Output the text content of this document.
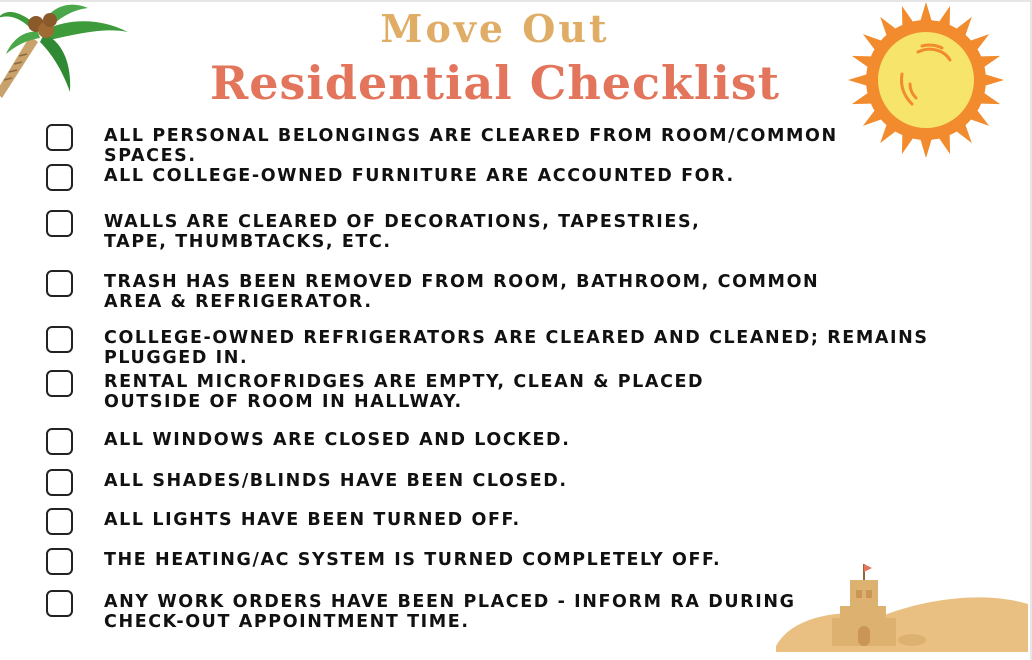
Move Out
Residential Checklist
ALL PERSONAL BELONGINGS ARE CLEARED FROM ROOM/COMMON SPACES.
ALL COLLEGE-OWNED FURNITURE ARE ACCOUNTED FOR.
WALLS ARE CLEARED OF DECORATIONS, TAPESTRIES, TAPE, THUMBTACKS, ETC.
TRASH HAS BEEN REMOVED FROM ROOM, BATHROOM, COMMON AREA & REFRIGERATOR.
COLLEGE-OWNED REFRIGERATORS ARE CLEARED AND CLEANED; REMAINS PLUGGED IN.
RENTAL MICROFRIDGES ARE EMPTY, CLEAN & PLACED OUTSIDE OF ROOM IN HALLWAY.
ALL WINDOWS ARE CLOSED AND LOCKED.
ALL SHADES/BLINDS HAVE BEEN CLOSED.
ALL LIGHTS HAVE BEEN TURNED OFF.
THE HEATING/AC SYSTEM IS TURNED COMPLETELY OFF.
ANY WORK ORDERS HAVE BEEN PLACED - INFORM RA DURING CHECK-OUT APPOINTMENT TIME.
